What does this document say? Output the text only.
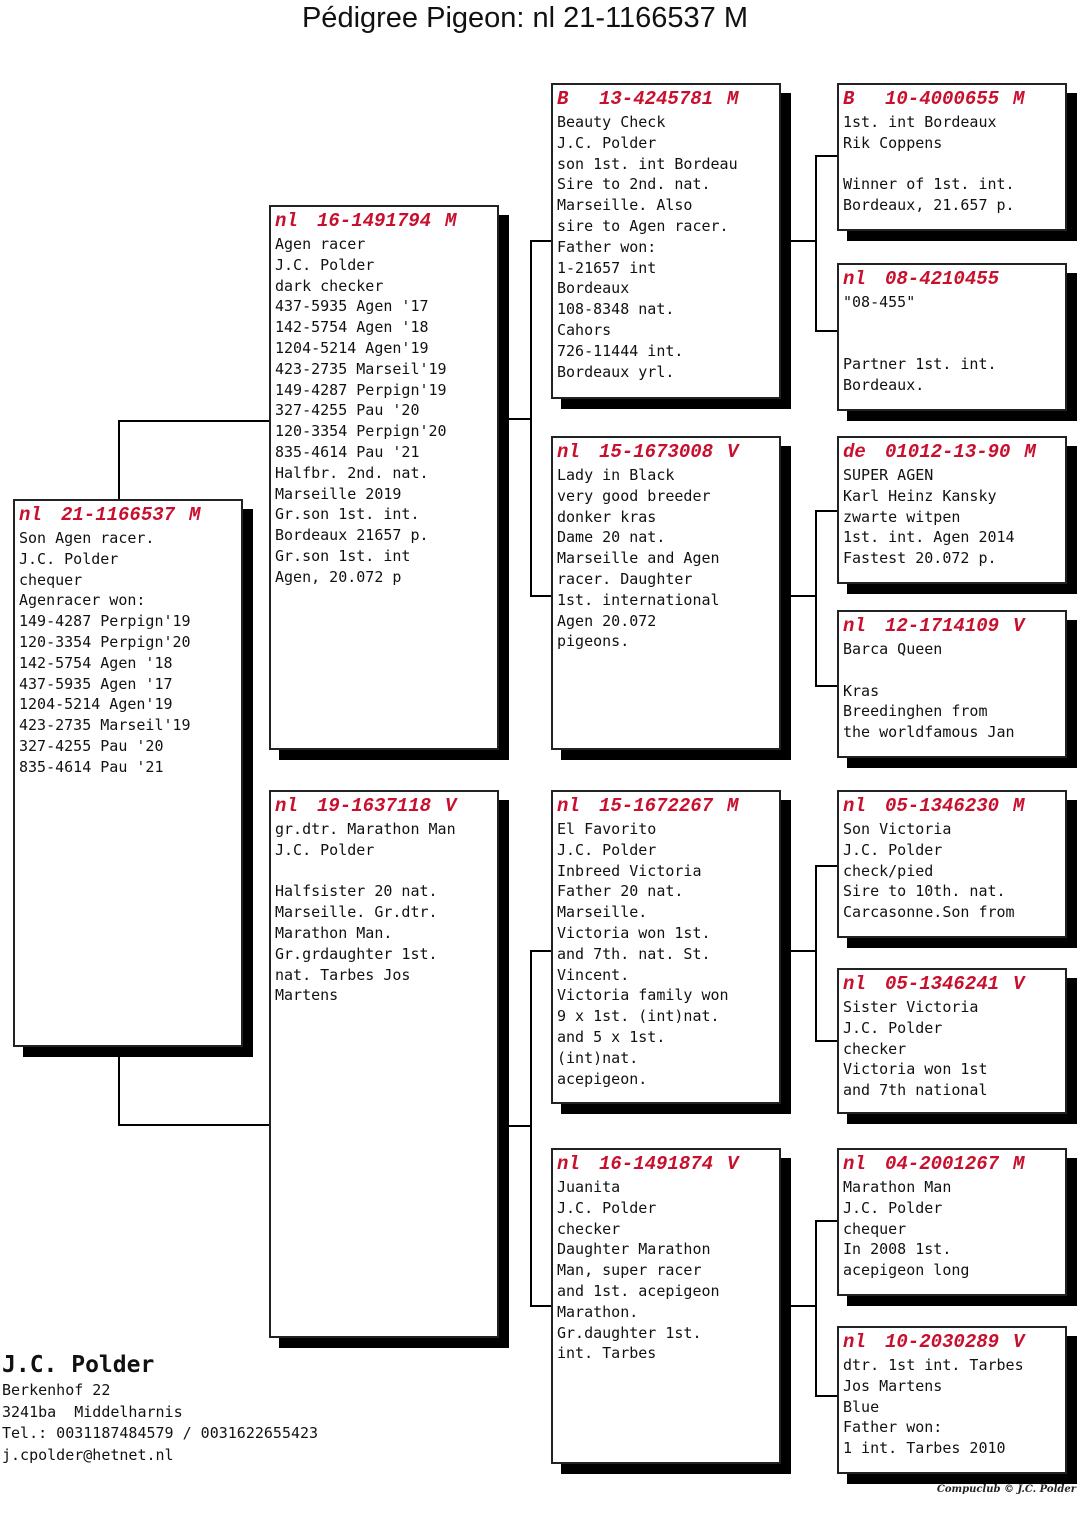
Pédigree Pigeon: nl 21-1166537 M
nl 21-1166537 M
Son Agen racer.
J.C. Polder
chequer
Agenracer won:
149-4287 Perpign'19
120-3354 Perpign'20
142-5754 Agen '18
437-5935 Agen '17
1204-5214 Agen'19
423-2735 Marseil'19
327-4255 Pau '20
835-4614 Pau '21
nl 16-1491794 M
Agen racer
J.C. Polder
dark checker
437-5935 Agen '17
142-5754 Agen '18
1204-5214 Agen'19
423-2735 Marseil'19
149-4287 Perpign'19
327-4255 Pau '20
120-3354 Perpign'20
835-4614 Pau '21
Halfbr. 2nd. nat.
Marseille 2019
Gr.son 1st. int.
Bordeaux 21657 p.
Gr.son 1st. int
Agen, 20.072 p
nl 19-1637118 V
gr.dtr. Marathon Man
J.C. Polder
Halfsister 20 nat.
Marseille. Gr.dtr.
Marathon Man.
Gr.grdaughter 1st.
nat. Tarbes Jos
Martens
B 13-4245781 M
Beauty Check
J.C. Polder
son 1st. int Bordeau
Sire to 2nd. nat.
Marseille. Also
sire to Agen racer.
Father won:
1-21657 int
Bordeaux
108-8348 nat.
Cahors
726-11444 int.
Bordeaux yrl.
nl 15-1673008 V
Lady in Black
very good breeder
donker kras
Dame 20 nat.
Marseille and Agen
racer. Daughter
1st. international
Agen 20.072
pigeons.
nl 15-1672267 M
El Favorito
J.C. Polder
Inbreed Victoria
Father 20 nat.
Marseille.
Victoria won 1st.
and 7th. nat. St.
Vincent.
Victoria family won
9 x 1st. (int)nat.
and 5 x 1st.
(int)nat.
acepigeon.
nl 16-1491874 V
Juanita
J.C. Polder
checker
Daughter Marathon
Man, super racer
and 1st. acepigeon
Marathon.
Gr.daughter 1st.
int. Tarbes
B 10-4000655 M
1st. int Bordeaux
Rik Coppens
Winner of 1st. int.
Bordeaux, 21.657 p.
nl 08-4210455
"08-455"
Partner 1st. int.
Bordeaux.
de 01012-13-90 M
SUPER AGEN
Karl Heinz Kansky
zwarte witpen
1st. int. Agen 2014
Fastest 20.072 p.
nl 12-1714109 V
Barca Queen
Kras
Breedinghen from
the worldfamous Jan
nl 05-1346230 M
Son Victoria
J.C. Polder
check/pied
Sire to 10th. nat.
Carcasonne.Son from
nl 05-1346241 V
Sister Victoria
J.C. Polder
checker
Victoria won 1st
and 7th national
nl 04-2001267 M
Marathon Man
J.C. Polder
chequer
In 2008 1st.
acepigeon long
nl 10-2030289 V
dtr. 1st int. Tarbes
Jos Martens
Blue
Father won:
1 int. Tarbes 2010
J.C. Polder
Berkenhof 22
3241ba  Middelharnis
Tel.: 0031187484579 / 0031622655423
j.cpolder@hetnet.nl
Compuclub © J.C. Polder
